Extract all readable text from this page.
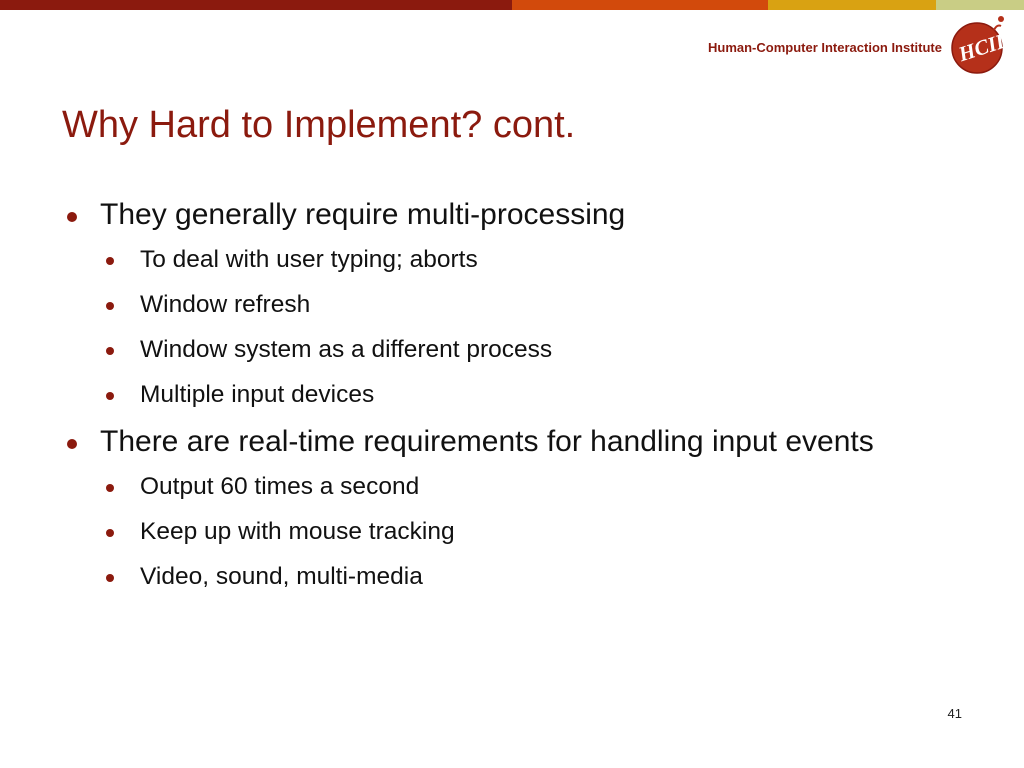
Human-Computer Interaction Institute HCII
Why Hard to Implement? cont.
They generally require multi-processing
To deal with user typing; aborts
Window refresh
Window system as a different process
Multiple input devices
There are real-time requirements for handling input events
Output 60 times a second
Keep up with mouse tracking
Video, sound, multi-media
41
